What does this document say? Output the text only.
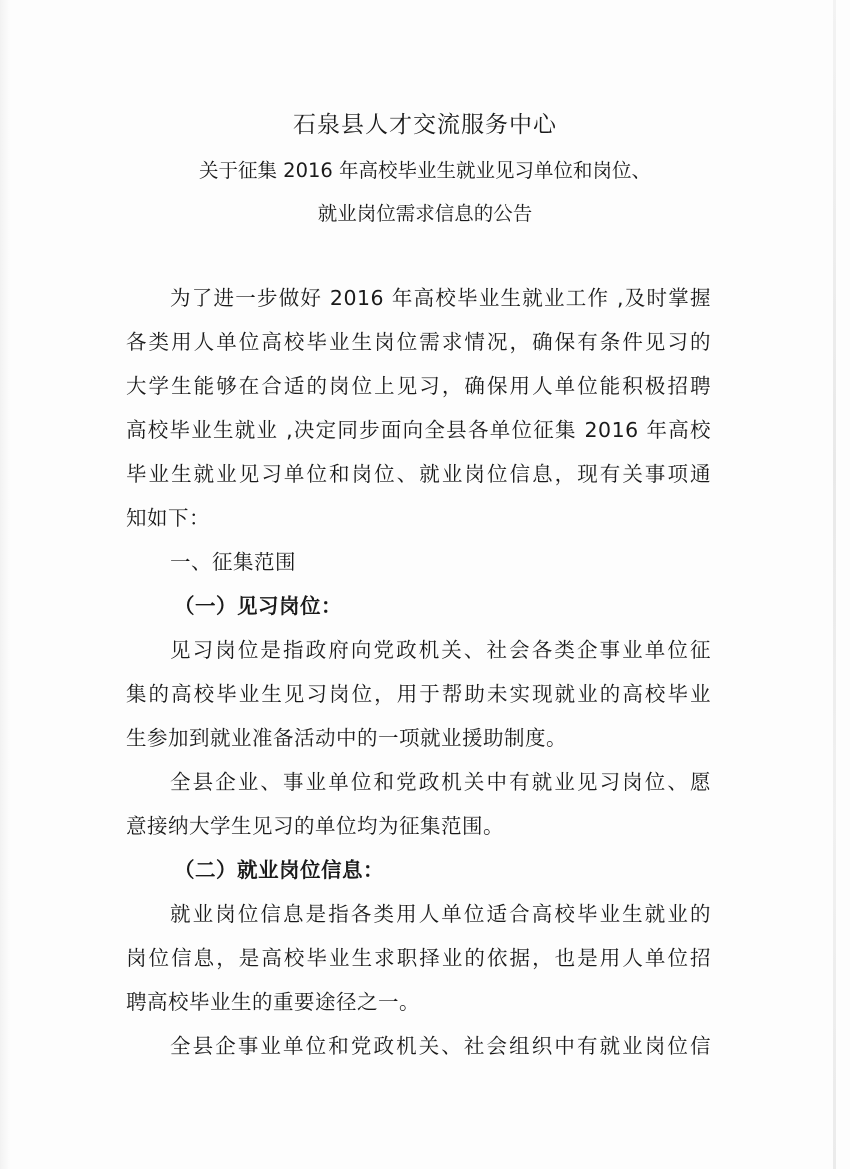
石泉县人才交流服务中心
关于征集 2016 年高校毕业生就业见习单位和岗位、
就业岗位需求信息的公告
为了进一步做好 2016 年高校毕业生就业工作 ,及时掌握
各类用人单位高校毕业生岗位需求情况，确保有条件见习的
大学生能够在合适的岗位上见习，确保用人单位能积极招聘
高校毕业生就业 ,决定同步面向全县各单位征集 2016 年高校
毕业生就业见习单位和岗位、就业岗位信息，现有关事项通
知如下：
一、征集范围
（一）见习岗位：
见习岗位是指政府向党政机关、社会各类企事业单位征
集的高校毕业生见习岗位，用于帮助未实现就业的高校毕业
生参加到就业准备活动中的一项就业援助制度。
全县企业、事业单位和党政机关中有就业见习岗位、愿
意接纳大学生见习的单位均为征集范围。
（二）就业岗位信息：
就业岗位信息是指各类用人单位适合高校毕业生就业的
岗位信息，是高校毕业生求职择业的依据，也是用人单位招
聘高校毕业生的重要途径之一。
全县企事业单位和党政机关、社会组织中有就业岗位信
